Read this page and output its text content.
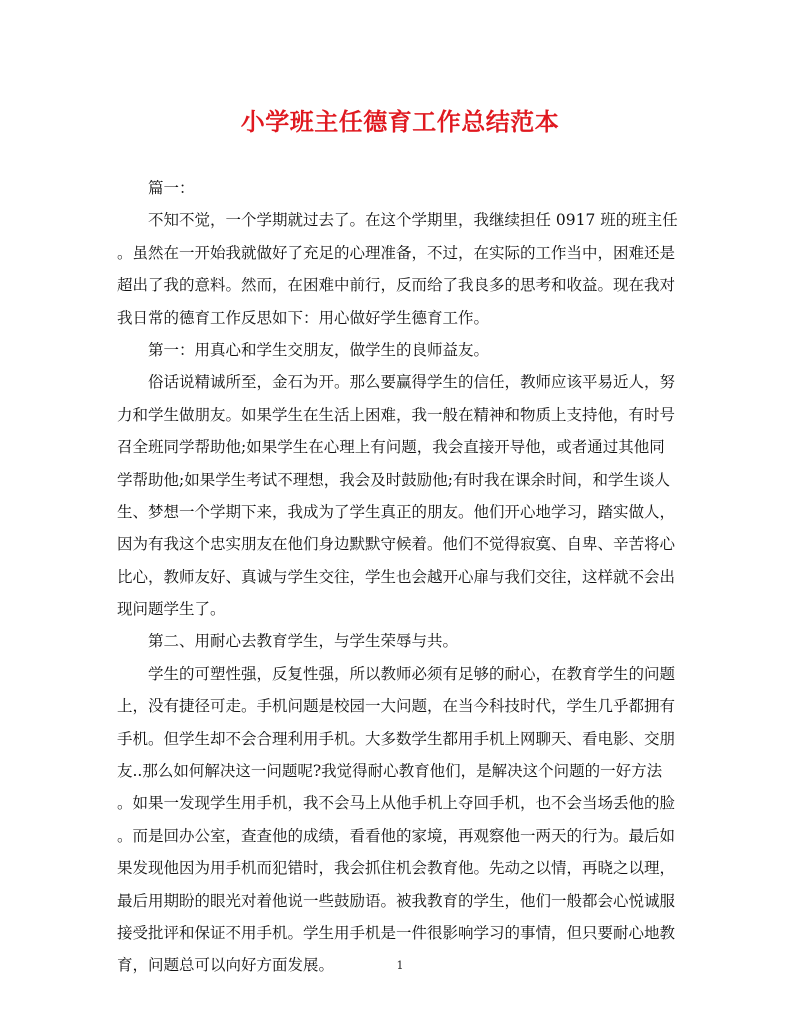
小学班主任德育工作总结范本
篇一：
不知不觉，一个学期就过去了。在这个学期里，我继续担任 0917 班的班主任
。虽然在一开始我就做好了充足的心理准备，不过，在实际的工作当中，困难还是
超出了我的意料。然而，在困难中前行，反而给了我良多的思考和收益。现在我对
我日常的德育工作反思如下：用心做好学生德育工作。
第一：用真心和学生交朋友，做学生的良师益友。
俗话说精诚所至，金石为开。那么要赢得学生的信任，教师应该平易近人，努
力和学生做朋友。如果学生在生活上困难，我一般在精神和物质上支持他，有时号
召全班同学帮助他;如果学生在心理上有问题，我会直接开导他，或者通过其他同
学帮助他;如果学生考试不理想，我会及时鼓励他;有时我在课余时间，和学生谈人
生、梦想一个学期下来，我成为了学生真正的朋友。他们开心地学习，踏实做人，
因为有我这个忠实朋友在他们身边默默守候着。他们不觉得寂寞、自卑、辛苦将心
比心，教师友好、真诚与学生交往，学生也会越开心扉与我们交往，这样就不会出
现问题学生了。
第二、用耐心去教育学生，与学生荣辱与共。
学生的可塑性强，反复性强，所以教师必须有足够的耐心，在教育学生的问题
上，没有捷径可走。手机问题是校园一大问题，在当今科技时代，学生几乎都拥有
手机。但学生却不会合理利用手机。大多数学生都用手机上网聊天、看电影、交朋
友..那么如何解决这一问题呢?我觉得耐心教育他们，是解决这个问题的一好方法
。如果一发现学生用手机，我不会马上从他手机上夺回手机，也不会当场丢他的脸
。而是回办公室，查查他的成绩，看看他的家境，再观察他一两天的行为。最后如
果发现他因为用手机而犯错时，我会抓住机会教育他。先动之以情，再晓之以理，
最后用期盼的眼光对着他说一些鼓励语。被我教育的学生，他们一般都会心悦诚服
接受批评和保证不用手机。学生用手机是一件很影响学习的事情，但只要耐心地教
育，问题总可以向好方面发展。	1
